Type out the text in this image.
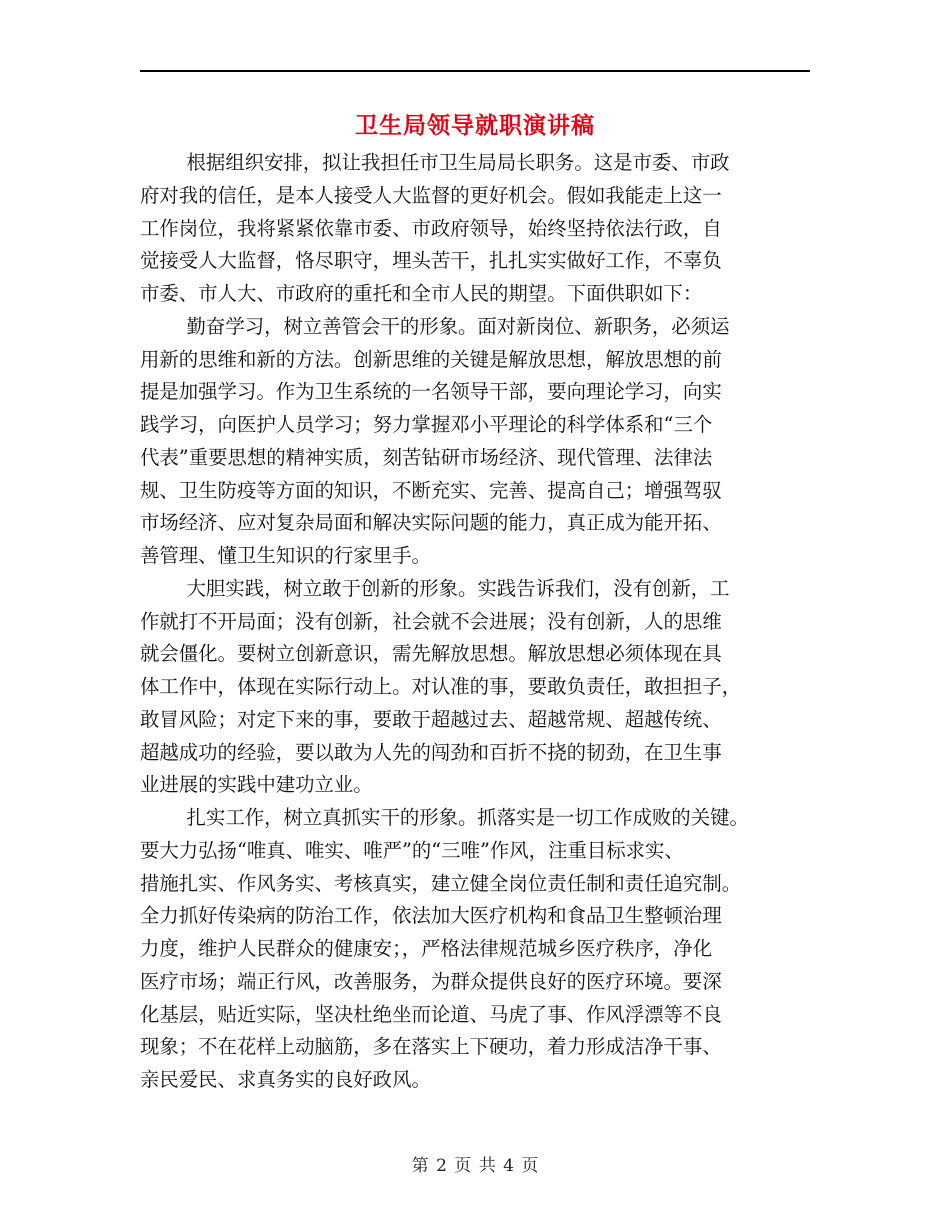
卫生局领导就职演讲稿
根据组织安排，拟让我担任市卫生局局长职务。这是市委、市政
府对我的信任，是本人接受人大监督的更好机会。假如我能走上这一
工作岗位，我将紧紧依靠市委、市政府领导，始终坚持依法行政，自
觉接受人大监督，恪尽职守，埋头苦干，扎扎实实做好工作，不辜负
市委、市人大、市政府的重托和全市人民的期望。下面供职如下：
勤奋学习，树立善管会干的形象。面对新岗位、新职务，必须运
用新的思维和新的方法。创新思维的关键是解放思想，解放思想的前
提是加强学习。作为卫生系统的一名领导干部，要向理论学习，向实
践学习，向医护人员学习；努力掌握邓小平理论的科学体系和“三个
代表”重要思想的精神实质，刻苦钻研市场经济、现代管理、法律法
规、卫生防疫等方面的知识，不断充实、完善、提高自己；增强驾驭
市场经济、应对复杂局面和解决实际问题的能力，真正成为能开拓、
善管理、懂卫生知识的行家里手。
大胆实践，树立敢于创新的形象。实践告诉我们，没有创新，工
作就打不开局面；没有创新，社会就不会进展；没有创新，人的思维
就会僵化。要树立创新意识，需先解放思想。解放思想必须体现在具
体工作中，体现在实际行动上。对认准的事，要敢负责任，敢担担子，
敢冒风险；对定下来的事，要敢于超越过去、超越常规、超越传统、
超越成功的经验，要以敢为人先的闯劲和百折不挠的韧劲，在卫生事
业进展的实践中建功立业。
扎实工作，树立真抓实干的形象。抓落实是一切工作成败的关键。
要大力弘扬“唯真、唯实、唯严”的“三唯”作风，注重目标求实、
措施扎实、作风务实、考核真实，建立健全岗位责任制和责任追究制。
全力抓好传染病的防治工作，依法加大医疗机构和食品卫生整顿治理
力度，维护人民群众的健康安；，严格法律规范城乡医疗秩序，净化
医疗市场；端正行风，改善服务，为群众提供良好的医疗环境。要深
化基层，贴近实际，坚决杜绝坐而论道、马虎了事、作风浮漂等不良
现象；不在花样上动脑筋，多在落实上下硬功，着力形成洁净干事、
亲民爱民、求真务实的良好政风。
第 2 页 共 4 页
